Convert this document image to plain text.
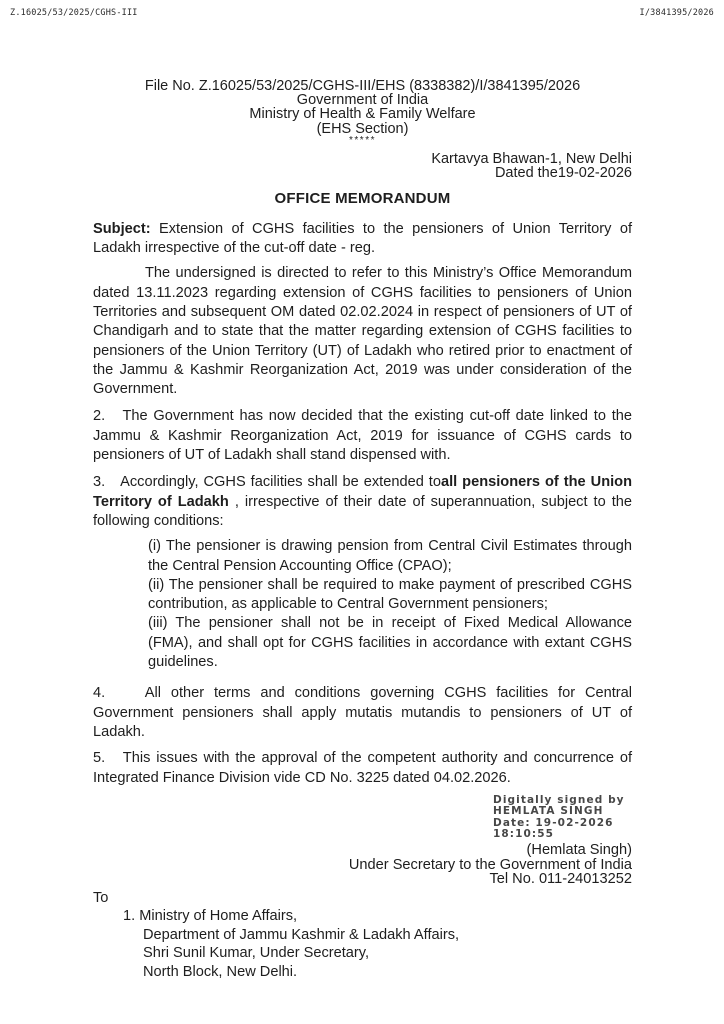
Z.16025/53/2025/CGHS-III	I/3841395/2026
File No. Z.16025/53/2025/CGHS-III/EHS (8338382)/I/3841395/2026
Government of India
Ministry of Health & Family Welfare
(EHS Section)
*****
Kartavya Bhawan-1, New Delhi
Dated the19-02-2026
OFFICE MEMORANDUM

Subject: Extension of CGHS facilities to the pensioners of Union Territory of Ladakh irrespective of the cut-off date - reg.

The undersigned is directed to refer to this Ministry’s Office Memorandum dated 13.11.2023 regarding extension of CGHS facilities to pensioners of Union Territories and subsequent OM dated 02.02.2024 in respect of pensioners of UT of Chandigarh and to state that the matter regarding extension of CGHS facilities to pensioners of the Union Territory (UT) of Ladakh who retired prior to enactment of the Jammu & Kashmir Reorganization Act, 2019 was under consideration of the Government.

2.   The Government has now decided that the existing cut-off date linked to the Jammu & Kashmir Reorganization Act, 2019 for issuance of CGHS cards to pensioners of UT of Ladakh shall stand dispensed with.

3.   Accordingly, CGHS facilities shall be extended toall pensioners of the Union Territory of Ladakh , irrespective of their date of superannuation, subject to the following conditions:

(i) The pensioner is drawing pension from Central Civil Estimates through the Central Pension Accounting Office (CPAO);

(ii) The pensioner shall be required to make payment of prescribed CGHS contribution, as applicable to Central Government pensioners;

(iii) The pensioner shall not be in receipt of Fixed Medical Allowance (FMA), and shall opt for CGHS facilities in accordance with extant CGHS guidelines.

4.    All other terms and conditions governing CGHS facilities for Central Government pensioners shall apply mutatis mutandis to pensioners of UT of Ladakh.

5.   This issues with the approval of the competent authority and concurrence of Integrated Finance Division vide CD No. 3225 dated 04.02.2026.

Digitally signed by
HEMLATA SINGH
Date: 19-02-2026
18:10:55
(Hemlata Singh)
Under Secretary to the Government of India
Tel No. 011-24013252
To
1. Ministry of Home Affairs,
Department of Jammu Kashmir & Ladakh Affairs,
Shri Sunil Kumar, Under Secretary,
North Block, New Delhi.
